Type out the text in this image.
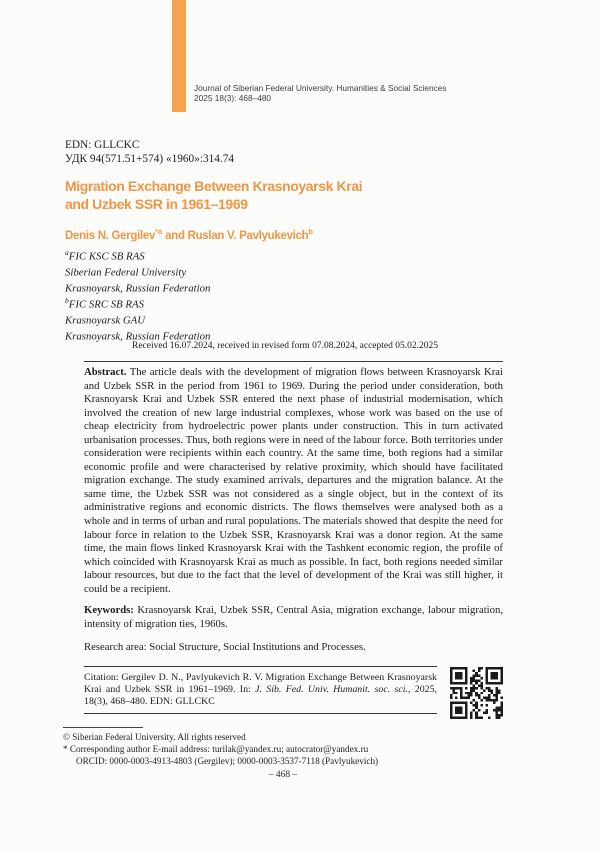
Journal of Siberian Federal University. Humanities & Social Sciences
2025 18(3): 468–480
EDN: GLLCKC
УДК 94(571.51+574) «1960»:314.74
Migration Exchange Between Krasnoyarsk Krai
and Uzbek SSR in 1961–1969
Denis N. Gergilev$^{*a}$ and Ruslan V. Pavlyukevich$^b$
$^a$FIC KSC SB RAS
Siberian Federal University
Krasnoyarsk, Russian Federation
$^b$FIC SRC SB RAS
Krasnoyarsk GAU
Krasnoyarsk, Russian Federation
Received 16.07.2024, received in revised form 07.08.2024, accepted 05.02.2025

Abstract. The article deals with the development of migration flows between Krasnoyarsk Krai and Uzbek SSR in the period from 1961 to 1969. During the period under consideration, both Krasnoyarsk Krai and Uzbek SSR entered the next phase of industrial modernisation, which involved the creation of new large industrial complexes, whose work was based on the use of cheap electricity from hydroelectric power plants under construction. This in turn activated urbanisation processes. Thus, both regions were in need of the labour force. Both territories under consideration were recipients within each country. At the same time, both regions had a similar economic profile and were characterised by relative proximity, which should have facilitated migration exchange. The study examined arrivals, departures and the migration balance. At the same time, the Uzbek SSR was not considered as a single object, but in the context of its administrative regions and economic districts. The flows themselves were analysed both as a whole and in terms of urban and rural populations. The materials showed that despite the need for labour force in relation to the Uzbek SSR, Krasnoyarsk Krai was a donor region. At the same time, the main flows linked Krasnoyarsk Krai with the Tashkent economic region, the profile of which coincided with Krasnoyarsk Krai as much as possible. In fact, both regions needed similar labour resources, but due to the fact that the level of development of the Krai was still higher, it could be a recipient.

Keywords: Krasnoyarsk Krai, Uzbek SSR, Central Asia, migration exchange, labour migration, intensity of migration ties, 1960s.

Research area: Social Structure, Social Institutions and Processes.

Citation: Gergilev D. N., Pavlyukevich R. V. Migration Exchange Between Krasnoyarsk Krai and Uzbek SSR in 1961–1969. In: J. Sib. Fed. Univ. Humanit. soc. sci., 2025, 18(3), 468–480. EDN: GLLCKC
© Siberian Federal University. All rights reserved
* Corresponding author E-mail address: turilak@yandex.ru; autocrator@yandex.ru
ORCID: 0000-0003-4913-4803 (Gergilev); 0000-0003-3537-7118 (Pavlyukevich)
– 468 –
